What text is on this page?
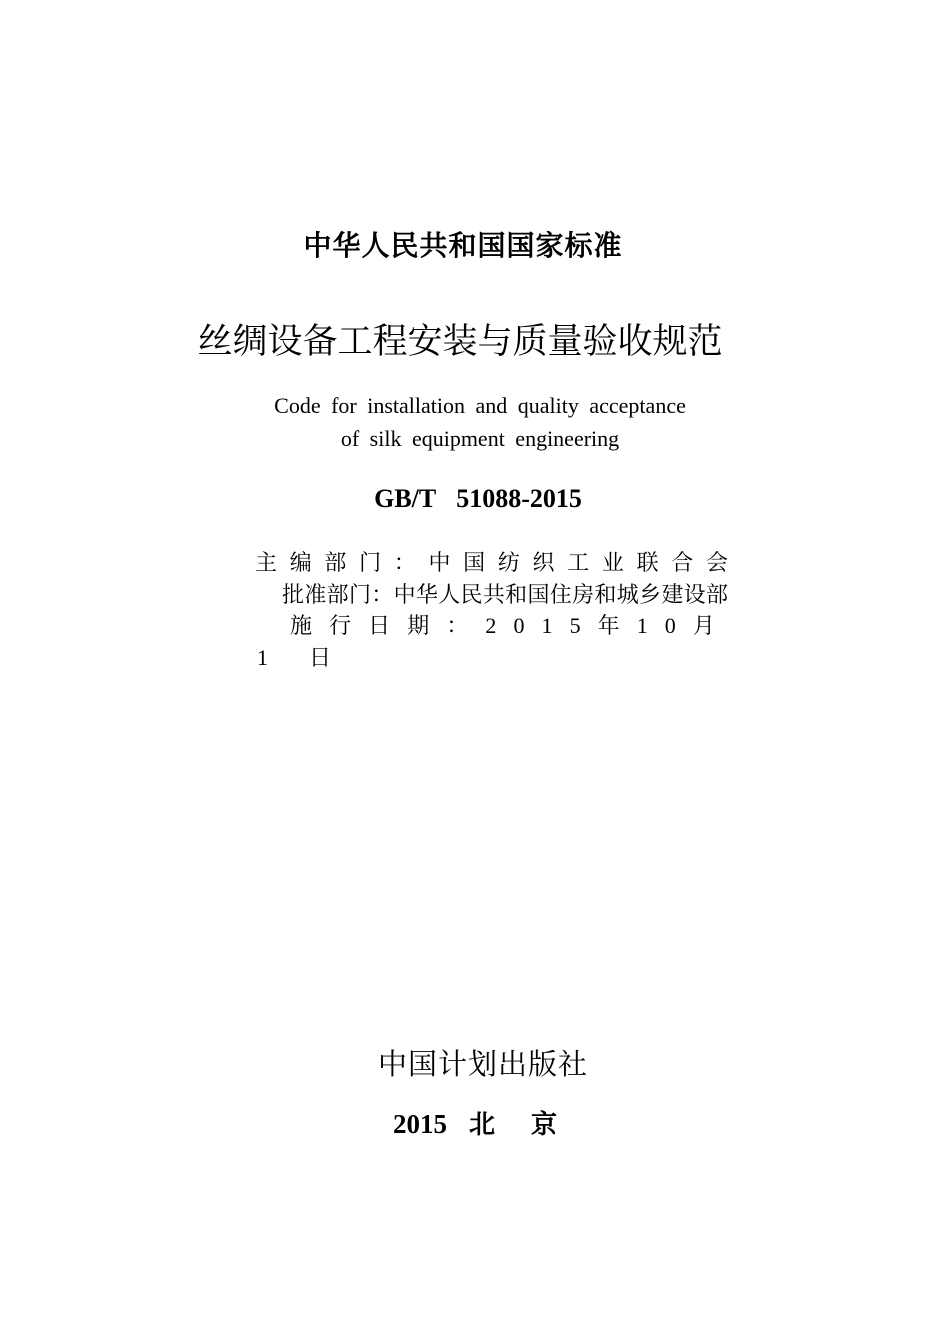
中华人民共和国国家标准
丝绸设备工程安装与质量验收规范
Code for installation and quality acceptance
of silk equipment engineering
GB/T 51088-2015
主 编 部 门 ： 中 国 纺 织 工 业 联 合 会
批 准 部 门 ： 中 华 人 民 共 和 国 住 房 和 城 乡 建 设 部
施 行 日 期 ： 2 0 1 5 年 1 0 月
1 日
中国计划出版社
2015 北 京
